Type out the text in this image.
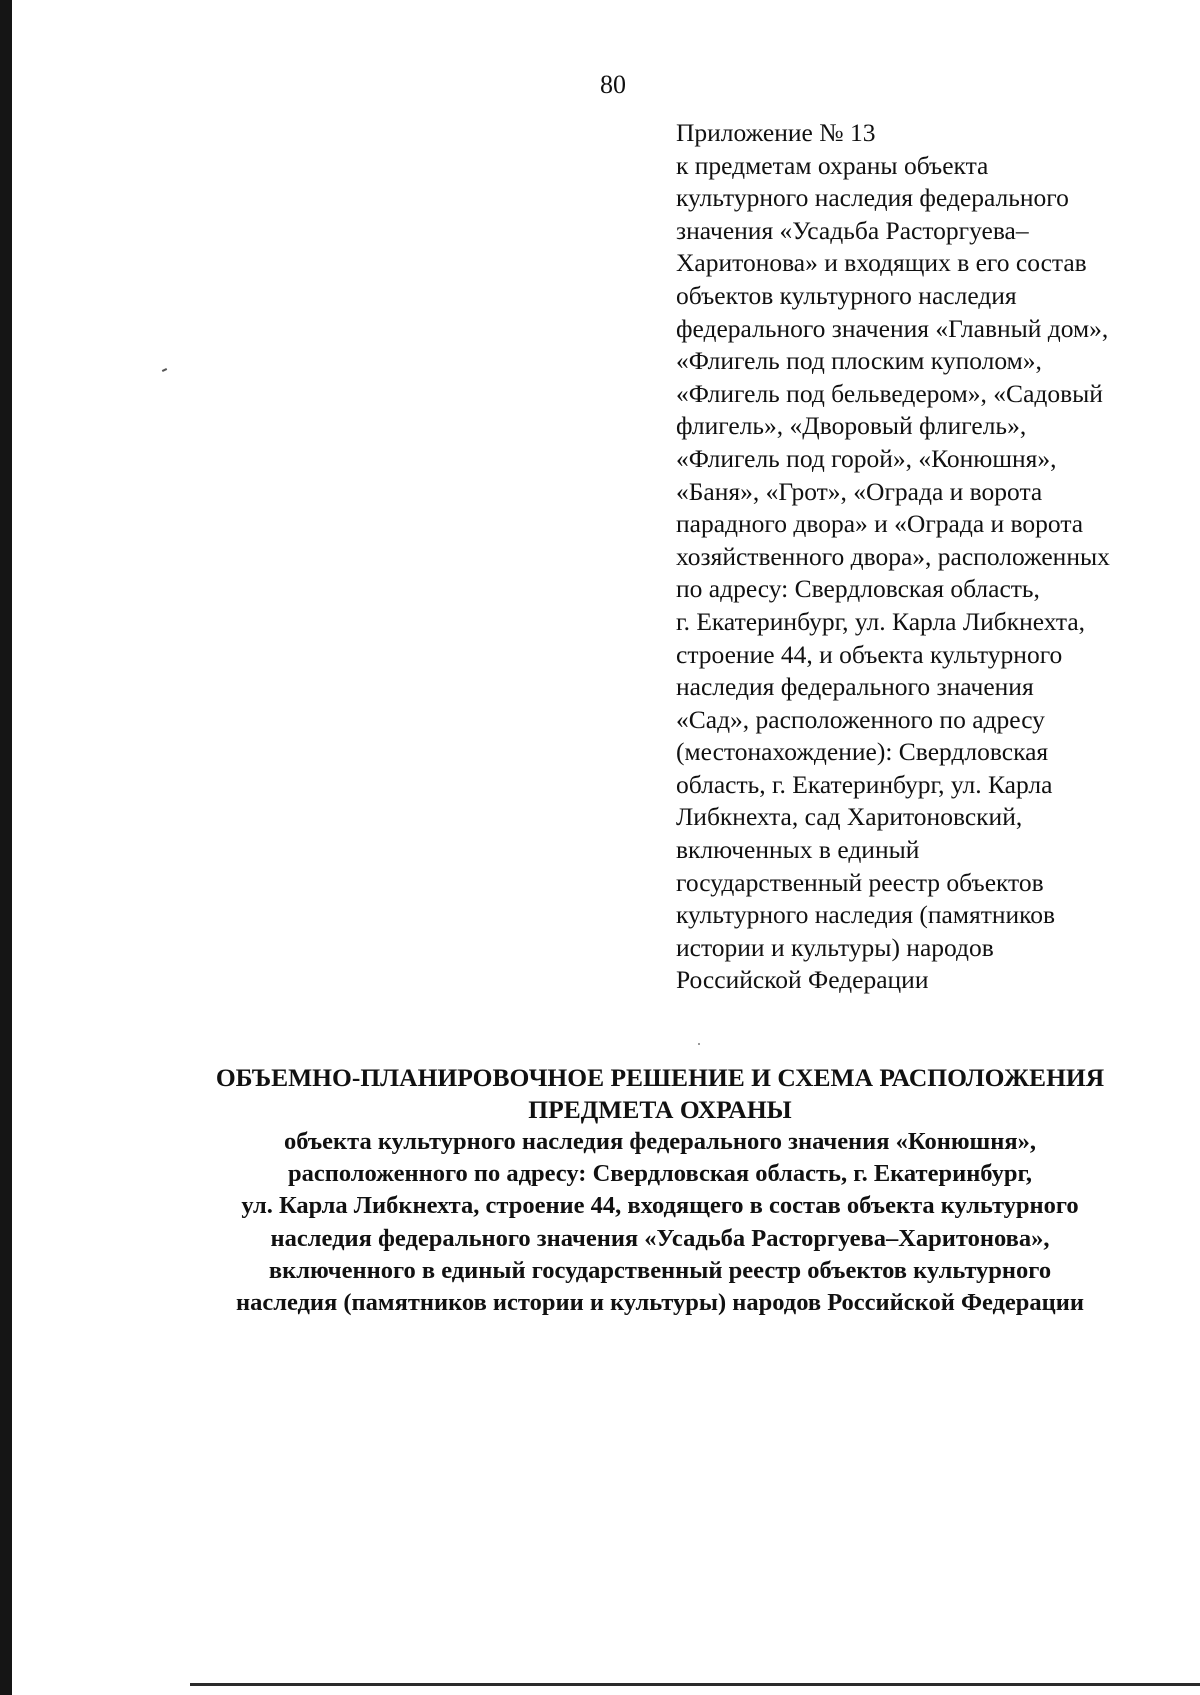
80

Приложение № 13
к предметам охраны объекта
культурного наследия федерального
значения «Усадьба Расторгуева–
Харитонова» и входящих в его состав
объектов культурного наследия
федерального значения «Главный дом»,
«Флигель под плоским куполом»,
«Флигель под бельведером», «Садовый
флигель», «Дворовый флигель»,
«Флигель под горой», «Конюшня»,
«Баня», «Грот», «Ограда и ворота
парадного двора» и «Ограда и ворота
хозяйственного двора», расположенных
по адресу: Свердловская область,
г. Екатеринбург, ул. Карла Либкнехта,
строение 44, и объекта культурного
наследия федерального значения
«Сад», расположенного по адресу
(местонахождение): Свердловская
область, г. Екатеринбург, ул. Карла
Либкнехта, сад Харитоновский,
включенных в единый
государственный реестр объектов
культурного наследия (памятников
истории и культуры) народов
Российской Федерации
ОБЪЕМНО-ПЛАНИРОВОЧНОЕ РЕШЕНИЕ И СХЕМА РАСПОЛОЖЕНИЯ
ПРЕДМЕТА ОХРАНЫ
объекта культурного наследия федерального значения «Конюшня»,
расположенного по адресу: Свердловская область, г. Екатеринбург,
ул. Карла Либкнехта, строение 44, входящего в состав объекта культурного
наследия федерального значения «Усадьба Расторгуева–Харитонова»,
включенного в единый государственный реестр объектов культурного
наследия (памятников истории и культуры) народов Российской Федерации
